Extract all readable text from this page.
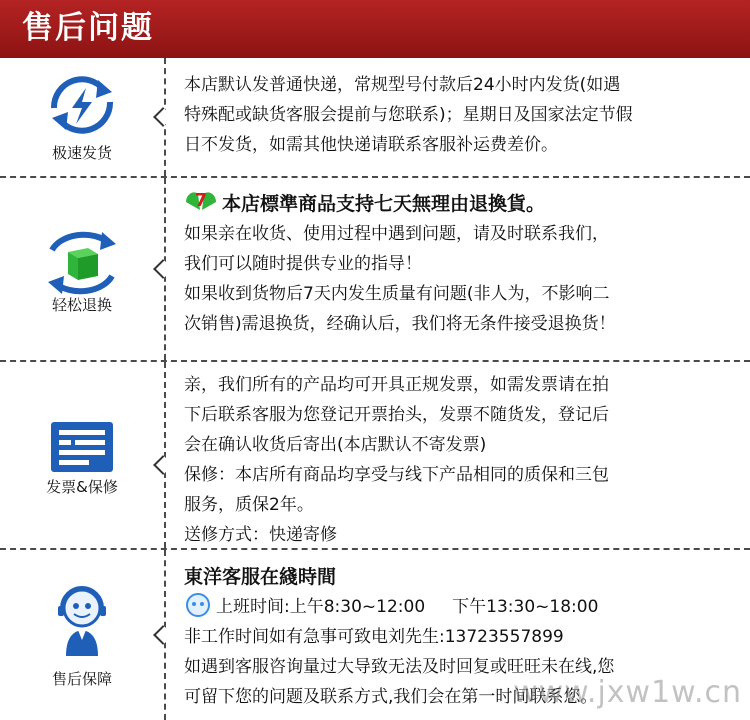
售后问题
极速发货

本店默认发普通快递，常规型号付款后24小时内发货(如遇

特殊配或缺货客服会提前与您联系)；星期日及国家法定节假

日不发货，如需其他快递请联系客服补运费差价。

轻松退换

7 本店標準商品支持七天無理由退換貨。

如果亲在收货、使用过程中遇到问题，请及时联系我们，

我们可以随时提供专业的指导！

如果收到货物后7天内发生质量有问题(非人为，不影响二

次销售)需退换货，经确认后，我们将无条件接受退换货！

发票&保修

亲，我们所有的产品均可开具正规发票，如需发票请在拍

下后联系客服为您登记开票抬头，发票不随货发，登记后

会在确认收货后寄出(本店默认不寄发票)

保修：本店所有商品均享受与线下产品相同的质保和三包

服务，质保2年。

送修方式：快递寄修

售后保障

東洋客服在綫時間

上班时间:上午8:30~12:00     下午13:30~18:00

非工作时间如有急事可致电刘先生:13723557899

如遇到客服咨询量过大导致无法及时回复或旺旺未在线,您

可留下您的问题及联系方式,我们会在第一时间联系您。

www.jxw1w.cn
